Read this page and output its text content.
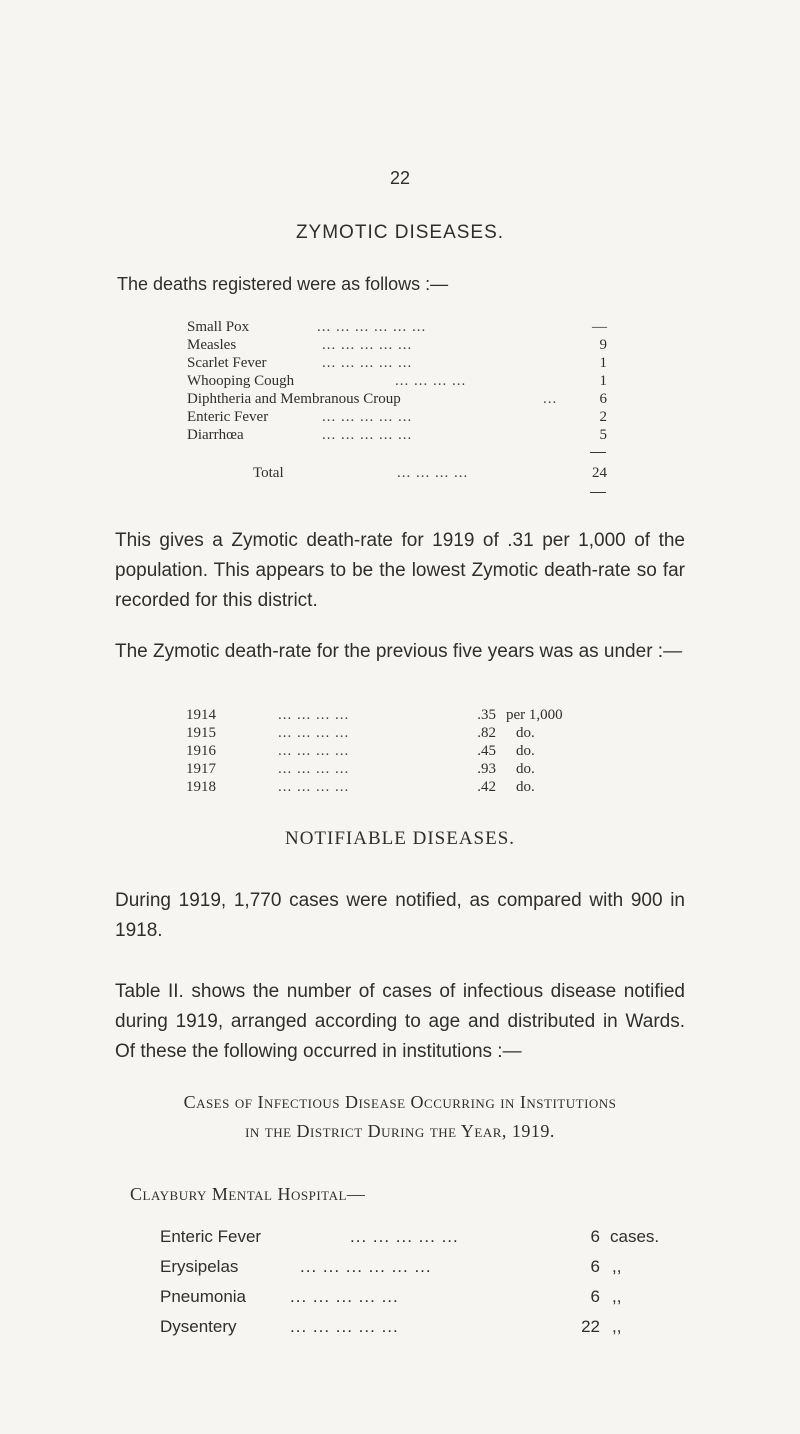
22
ZYMOTIC DISEASES.
The deaths registered were as follows :—
Small Pox	... ... ... ... ... ...	—
Measles	... ... ... ... ...	9
Scarlet Fever	... ... ... ... ...	1
Whooping Cough	... ... ... ...	1
Diphtheria and Membranous Croup	...	6
Enteric Fever	... ... ... ... ...	2
Diarrhœa	... ... ... ... ...	5
Total	... ... ... ...	24
This gives a Zymotic death-rate for 1919 of .31 per 1,000 of the population. This appears to be the lowest Zymotic death-rate so far recorded for this district.
The Zymotic death-rate for the previous five years was as under :—
1914	... ... ... ...	.35 per 1,000
1915	... ... ... ...	.82 do.
1916	... ... ... ...	.45 do.
1917	... ... ... ...	.93 do.
1918	... ... ... ...	.42 do.
NOTIFIABLE DISEASES.
During 1919, 1,770 cases were notified, as compared with 900 in 1918.
Table II. shows the number of cases of infectious disease notified during 1919, arranged according to age and distributed in Wards. Of these the following occurred in institutions :—
Cases of Infectious Disease Occurring in Institutions
in the District During the Year, 1919.
Claybury Mental Hospital—
Enteric Fever	... ... ... ... ...	6 cases.
Erysipelas	... ... ... ... ... ...	6 ,,
Pneumonia	... ... ... ... ...	6 ,,
Dysentery	... ... ... ... ...	22 ,,
